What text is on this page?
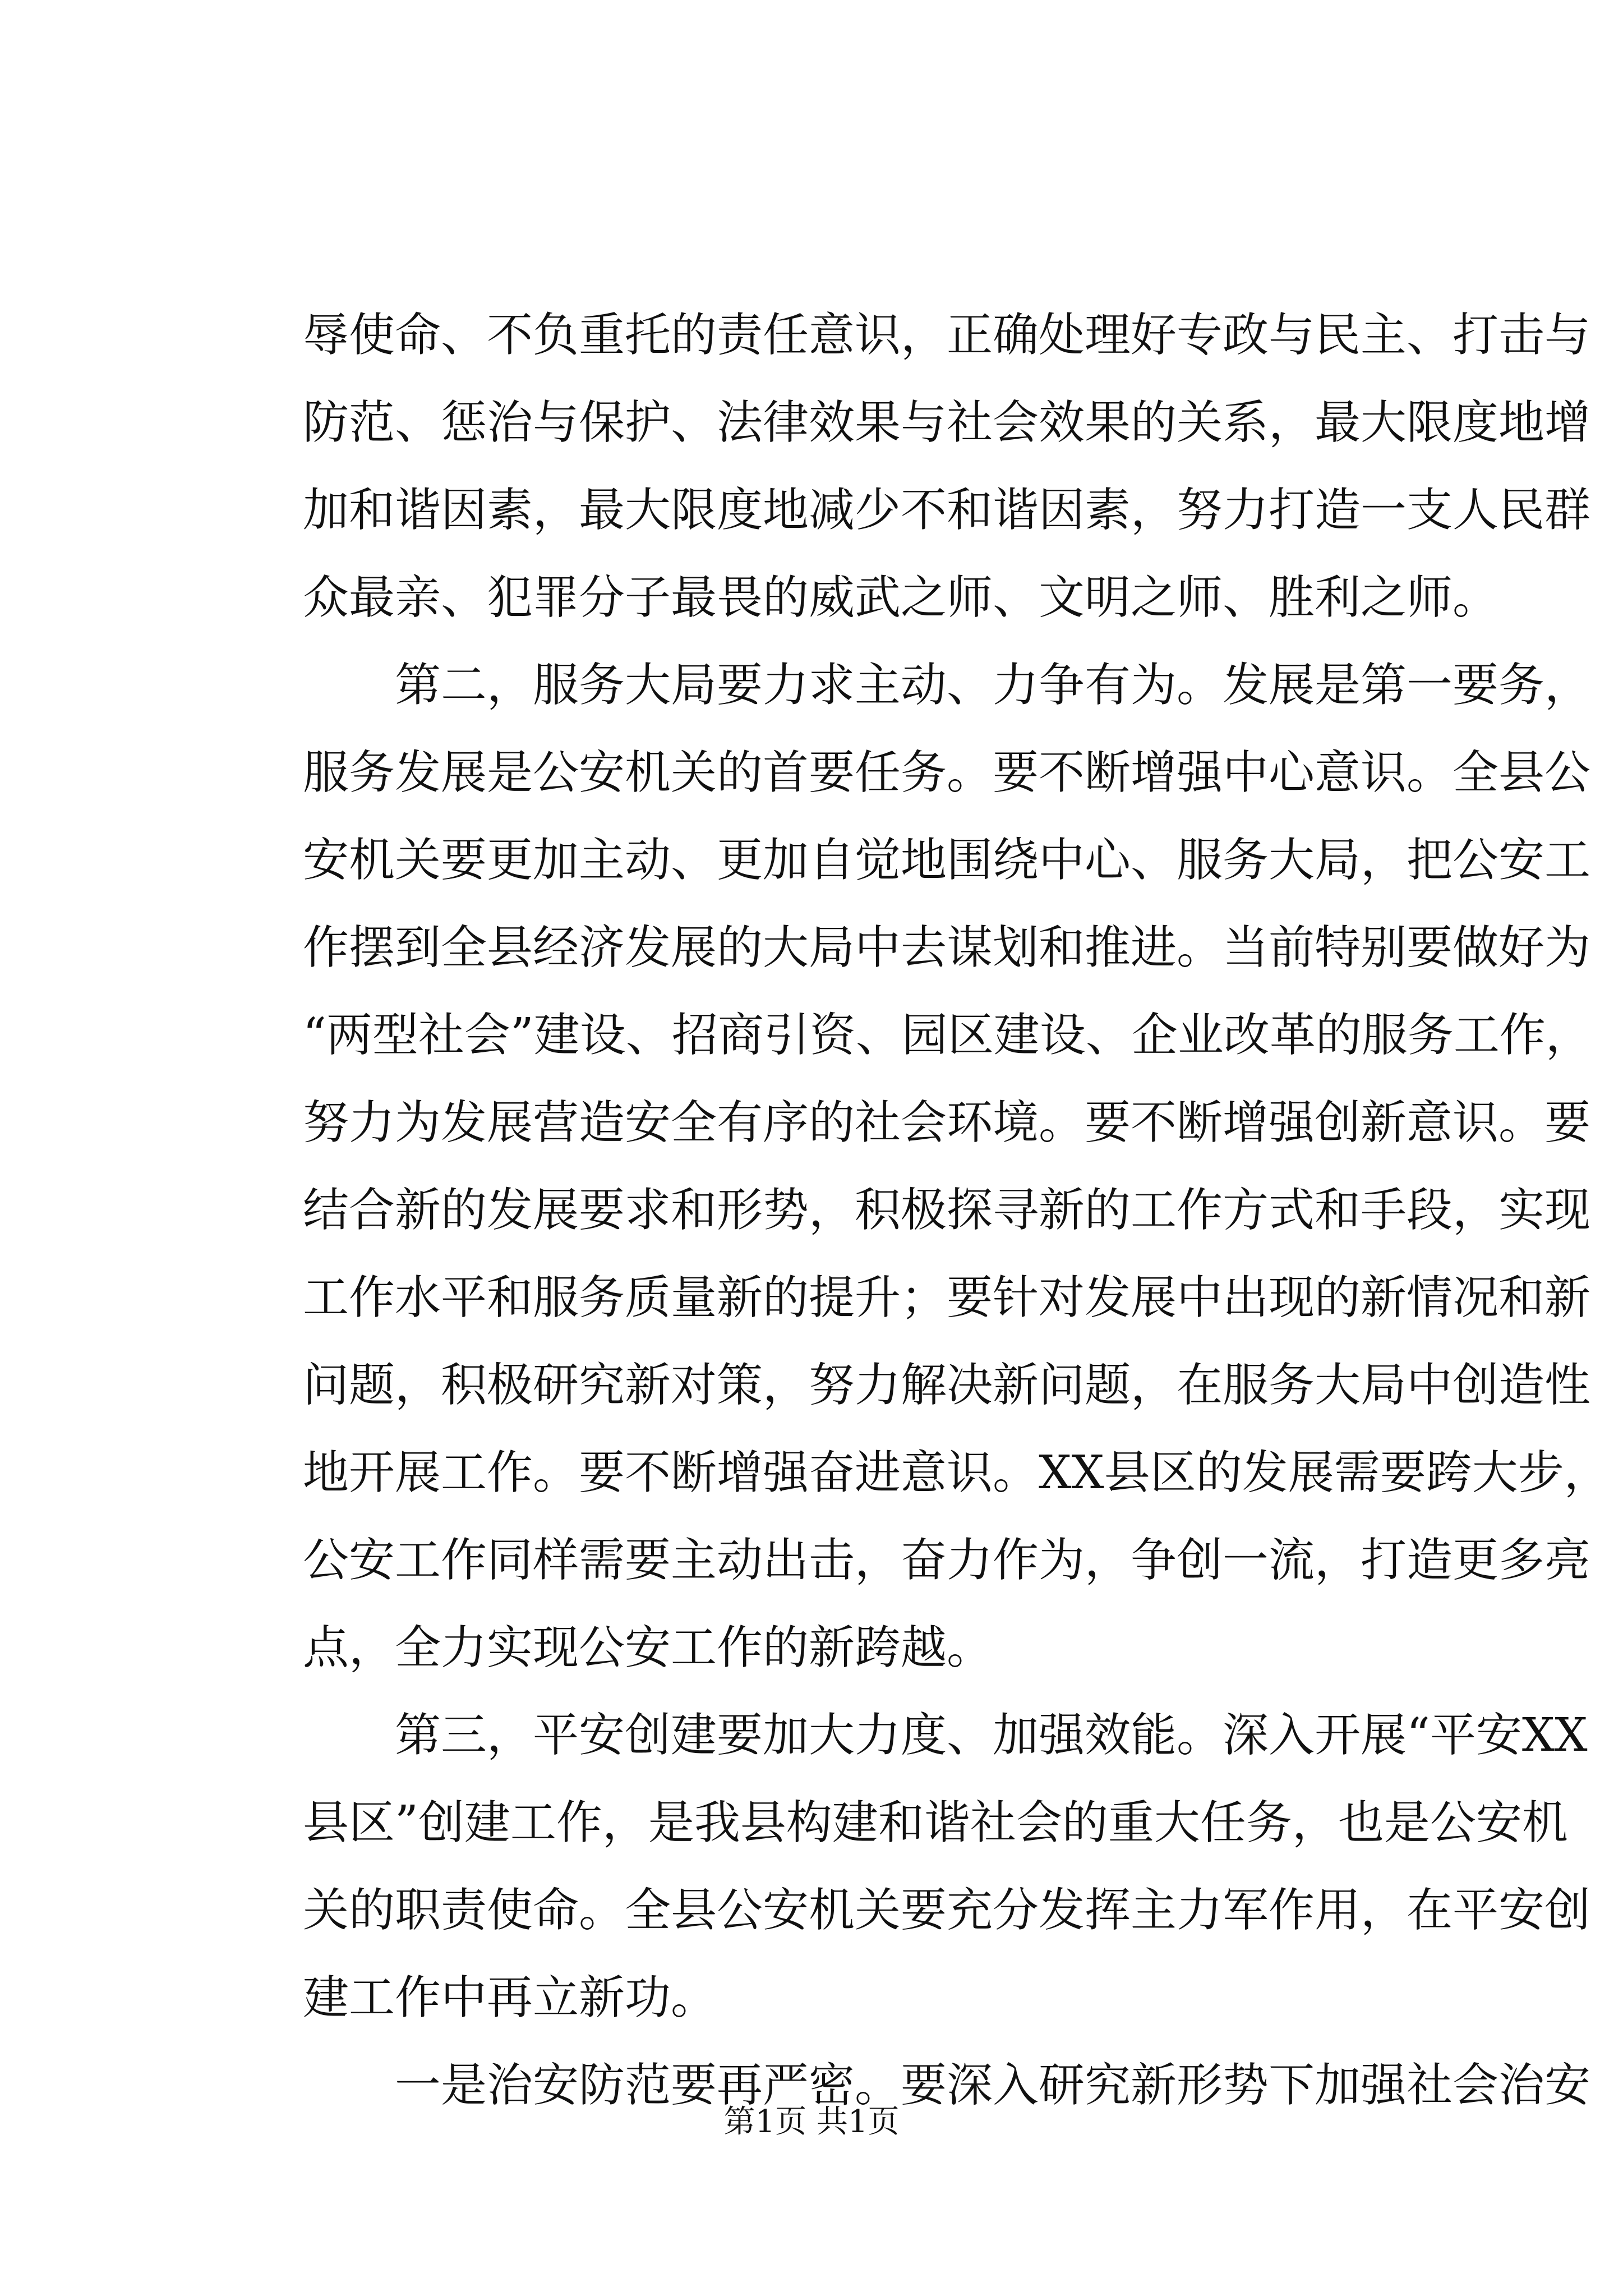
辱使命、不负重托的责任意识，正确处理好专政与民主、打击与
防范、惩治与保护、法律效果与社会效果的关系，最大限度地增
加和谐因素，最大限度地减少不和谐因素，努力打造一支人民群
众最亲、犯罪分子最畏的威武之师、文明之师、胜利之师。
第二，服务大局要力求主动、力争有为。发展是第一要务，
服务发展是公安机关的首要任务。要不断增强中心意识。全县公
安机关要更加主动、更加自觉地围绕中心、服务大局，把公安工
作摆到全县经济发展的大局中去谋划和推进。当前特别要做好为
“两型社会”建设、招商引资、园区建设、企业改革的服务工作，
努力为发展营造安全有序的社会环境。要不断增强创新意识。要
结合新的发展要求和形势，积极探寻新的工作方式和手段，实现
工作水平和服务质量新的提升；要针对发展中出现的新情况和新
问题，积极研究新对策，努力解决新问题，在服务大局中创造性
地开展工作。要不断增强奋进意识。XX县区的发展需要跨大步，
公安工作同样需要主动出击，奋力作为，争创一流，打造更多亮
点，全力实现公安工作的新跨越。
第三，平安创建要加大力度、加强效能。深入开展“平安XX
县区”创建工作，是我县构建和谐社会的重大任务，也是公安机
关的职责使命。全县公安机关要充分发挥主力军作用，在平安创
建工作中再立新功。
一是治安防范要再严密。要深入研究新形势下加强社会治安
第1页 共1页
